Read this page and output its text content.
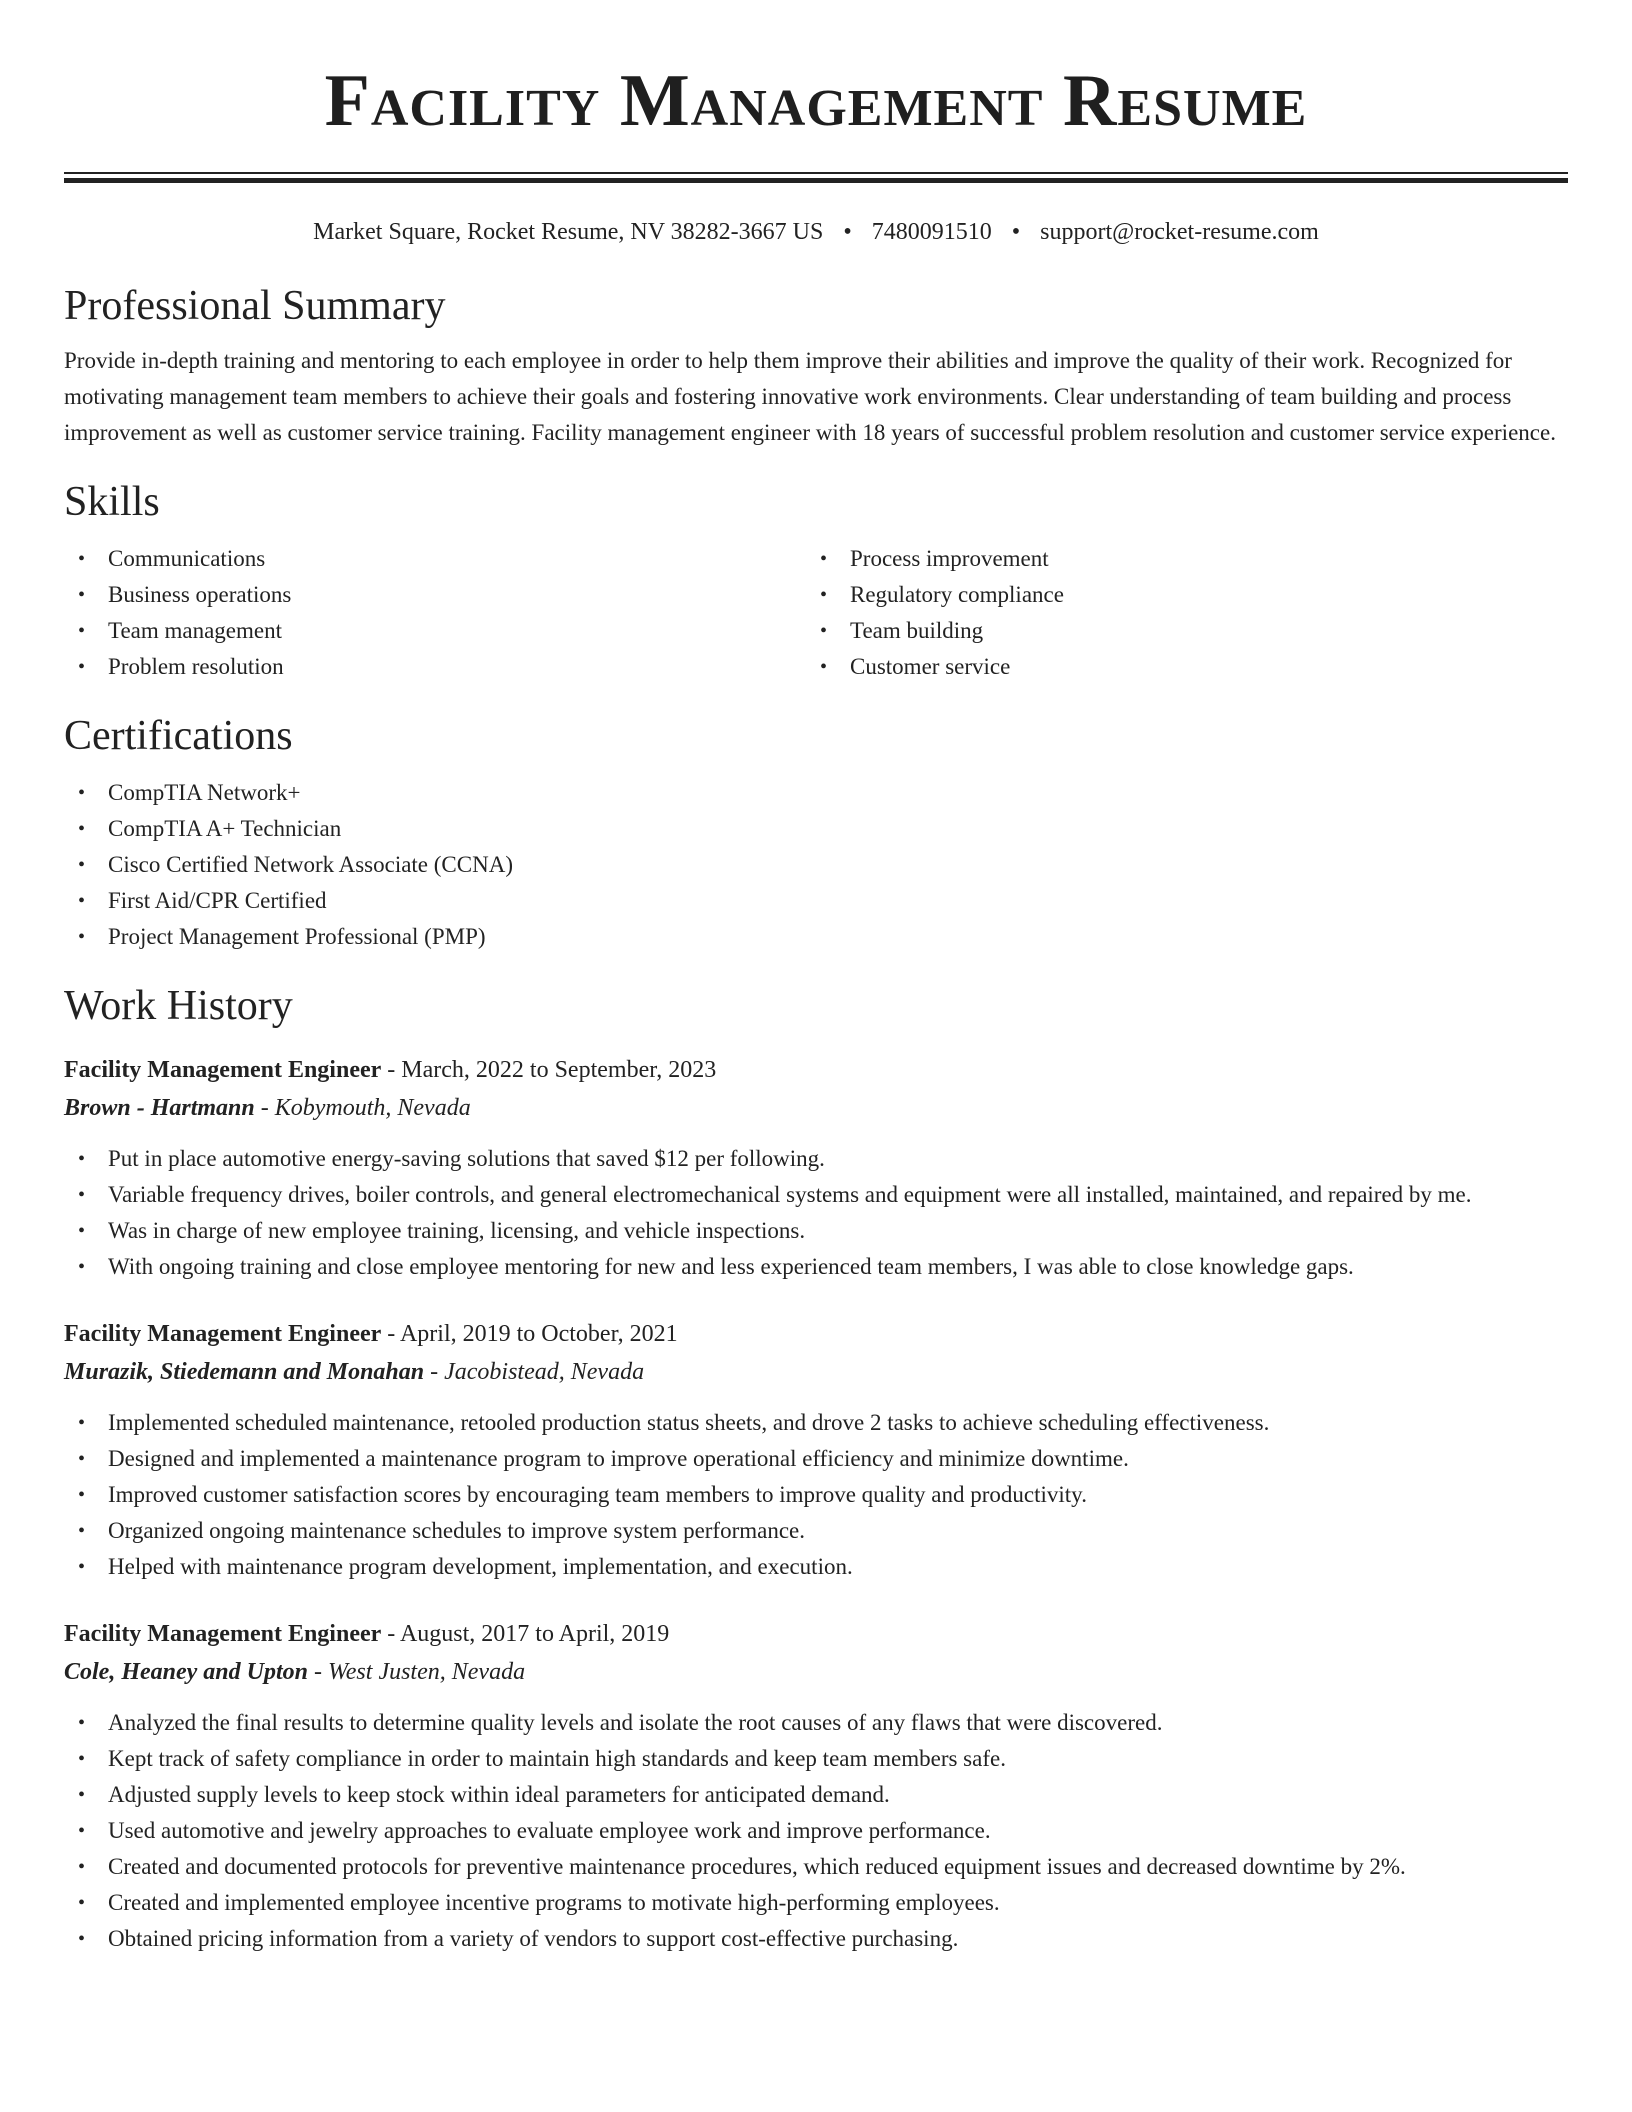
Facility Management Resume
Market Square, Rocket Resume, NV 38282-3667 US • 7480091510 • support@rocket-resume.com
Professional Summary

Provide in-depth training and mentoring to each employee in order to help them improve their abilities and improve the quality of their work. Recognized for motivating management team members to achieve their goals and fostering innovative work environments. Clear understanding of team building and process improvement as well as customer service training. Facility management engineer with 18 years of successful problem resolution and customer service experience.

Skills
• Communications
• Business operations
• Team management
• Problem resolution
• Process improvement
• Regulatory compliance
• Team building
• Customer service
Certifications
• CompTIA Network+
• CompTIA A+ Technician
• Cisco Certified Network Associate (CCNA)
• First Aid/CPR Certified
• Project Management Professional (PMP)
Work History
Facility Management Engineer - March, 2022 to September, 2023
Brown - Hartmann - Kobymouth, Nevada
• Put in place automotive energy-saving solutions that saved $12 per following.
• Variable frequency drives, boiler controls, and general electromechanical systems and equipment were all installed, maintained, and repaired by me.
• Was in charge of new employee training, licensing, and vehicle inspections.
• With ongoing training and close employee mentoring for new and less experienced team members, I was able to close knowledge gaps.
Facility Management Engineer - April, 2019 to October, 2021
Murazik, Stiedemann and Monahan - Jacobistead, Nevada
• Implemented scheduled maintenance, retooled production status sheets, and drove 2 tasks to achieve scheduling effectiveness.
• Designed and implemented a maintenance program to improve operational efficiency and minimize downtime.
• Improved customer satisfaction scores by encouraging team members to improve quality and productivity.
• Organized ongoing maintenance schedules to improve system performance.
• Helped with maintenance program development, implementation, and execution.
Facility Management Engineer - August, 2017 to April, 2019
Cole, Heaney and Upton - West Justen, Nevada
• Analyzed the final results to determine quality levels and isolate the root causes of any flaws that were discovered.
• Kept track of safety compliance in order to maintain high standards and keep team members safe.
• Adjusted supply levels to keep stock within ideal parameters for anticipated demand.
• Used automotive and jewelry approaches to evaluate employee work and improve performance.
• Created and documented protocols for preventive maintenance procedures, which reduced equipment issues and decreased downtime by 2%.
• Created and implemented employee incentive programs to motivate high-performing employees.
• Obtained pricing information from a variety of vendors to support cost-effective purchasing.
